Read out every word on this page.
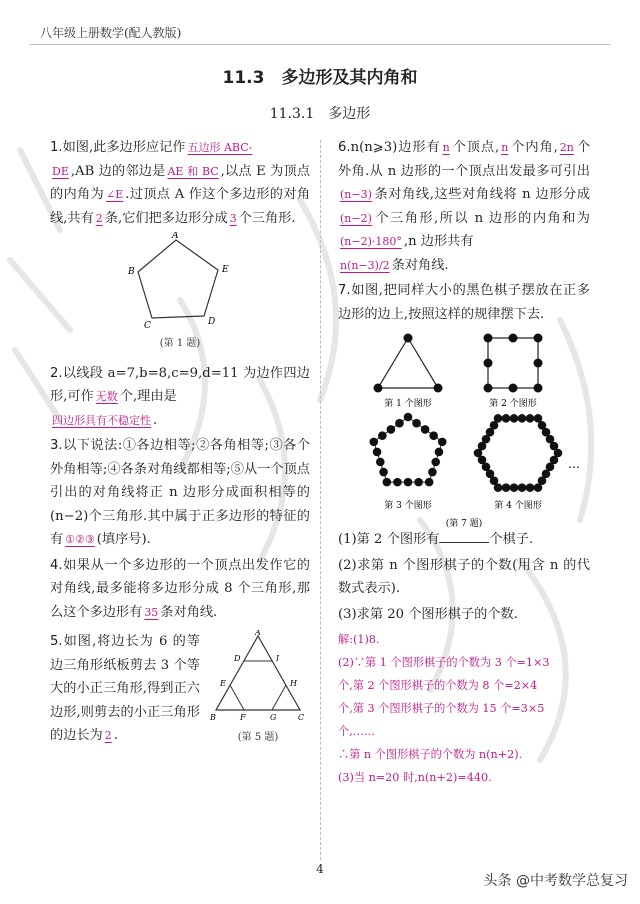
八年级上册数学(配人教版)
11.3　多边形及其内角和
11.3.1　多边形
1.如图,此多边形应记作 五边形 ABC-
DE ,AB 边的邻边是 AE 和 BC ,以点 E 为顶点的内角为 ∠E .过顶点 A 作这个多边形的对角线,共有 2 条,它们把多边形分成 3 个三角形.
A
B
C	D
E
(第 1 题)
2.以线段 a=7,b=8,c=9,d=11 为边作四边形,可作 无数 个,理由是
四边形具有不稳定性 .
3.以下说法:①各边相等;②各角相等;③各个外角相等;④各条对角线都相等;⑤从一个顶点引出的对角线将正 n 边形分成面积相等的(n−2)个三角形.其中属于正多边形的特征的有 ①②③ (填序号).
4.如果从一个多边形的一个顶点出发作它的对角线,最多能将多边形分成 8 个三角形,那么这个多边形有 35 条对角线.
5.如图,将边长为 6 的等边三角形纸板剪去 3 个等大的小正三角形,得到正六边形,则剪去的小正三角形的边长为 2 .
A
D	I
E	H
B	F	G	C
(第 5 题)
6.n(n⩾3)边形有 n 个顶点, n 个内角, 2n 个外角.从 n 边形的一个顶点出发最多可引出(n−3) 条对角线,这些对角线将 n 边形分成(n−2) 个三角形,所以 n 边形的内角和为(n−2)·180° ,n 边形共有
n(n−3)/2 条对角线.
7.如图,把同样大小的黑色棋子摆放在正多边形的边上,按照这样的规律摆下去.
第 1 个图形	第 2 个图形
第 3 个图形	第 4 个图形
…
(第 7 题)
(1)第 2 个图形有	个棋子.
(2)求第 n 个图形棋子的个数(用含 n 的代数式表示).
(3)求第 20 个图形棋子的个数.
解:(1)8.
(2)∵第 1 个图形棋子的个数为 3 个=1×3
个,第 2 个图形棋子的个数为 8 个=2×4
个,第 3 个图形棋子的个数为 15 个=3×5
个,……
∴第 n 个图形棋子的个数为 n(n+2).
(3)当 n=20 时,n(n+2)=440.
4
头条 @中考数学总复习
